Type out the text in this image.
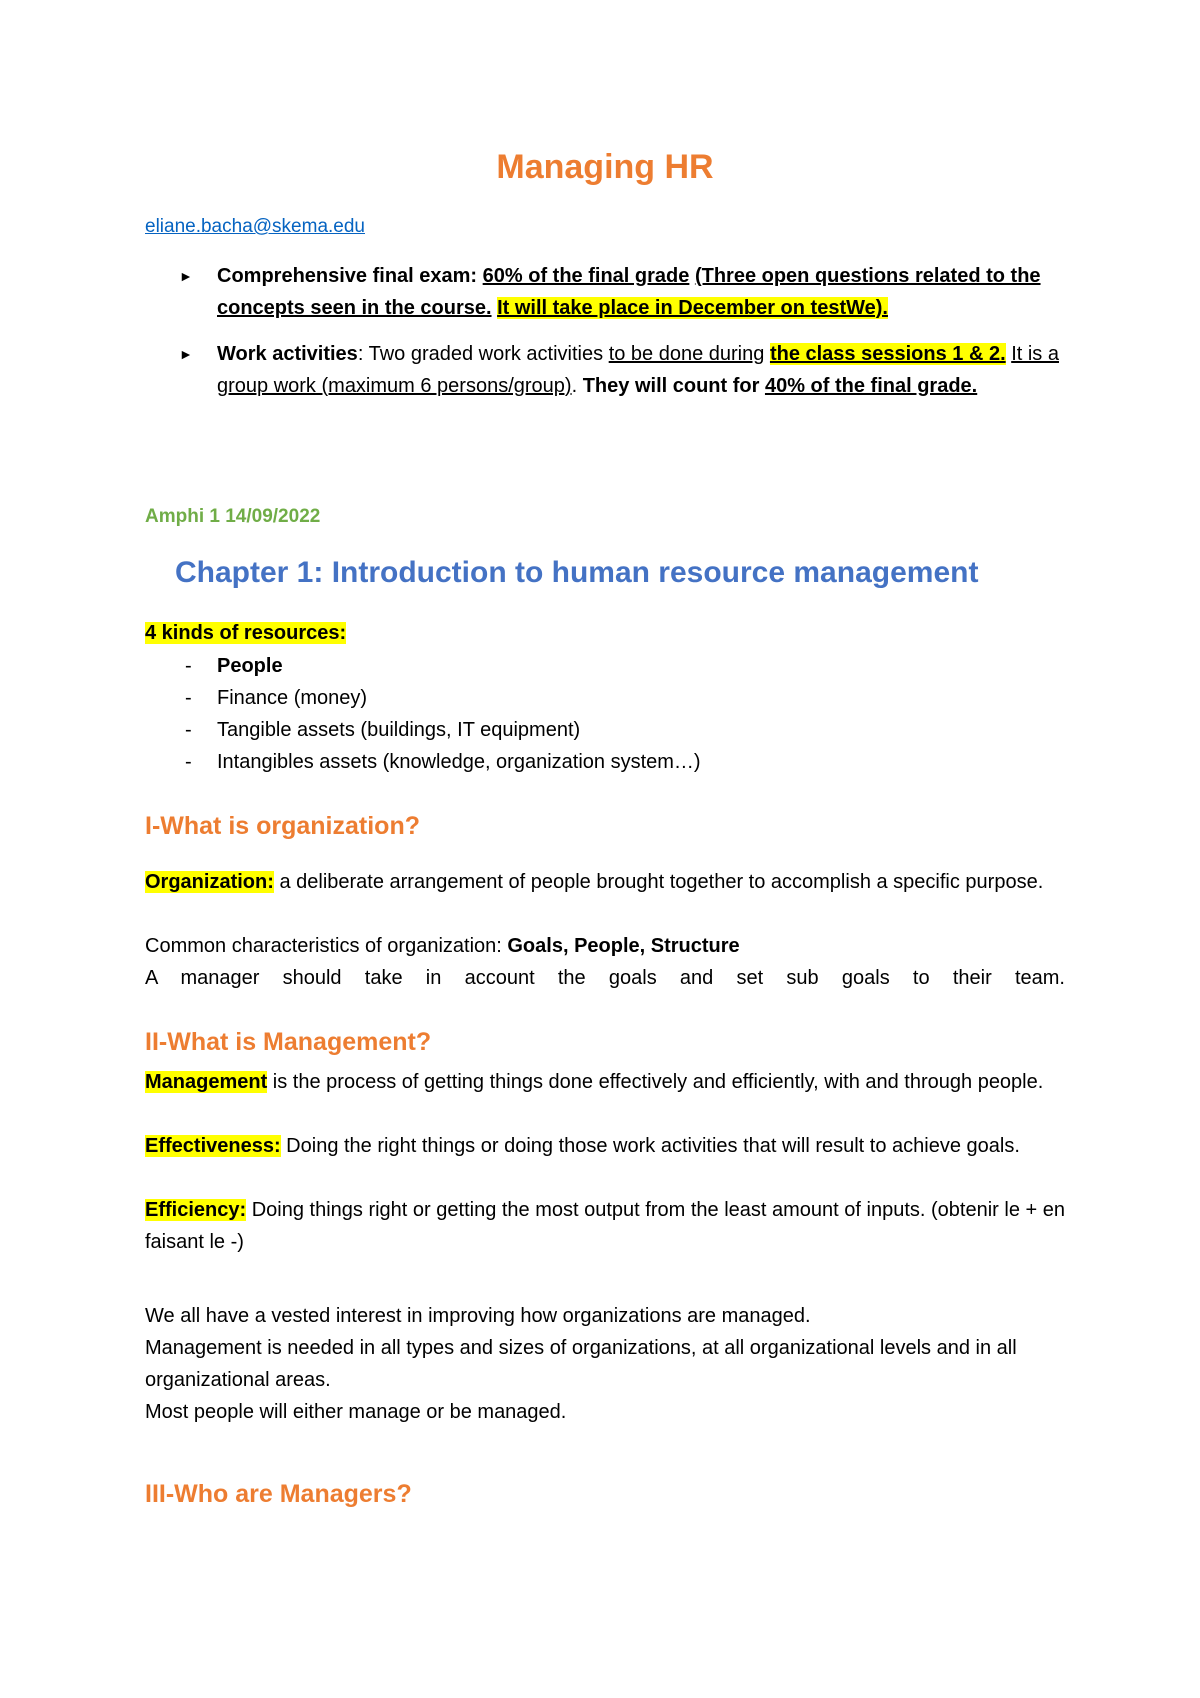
Managing HR
eliane.bacha@skema.edu
► Comprehensive final exam: 60% of the final grade (Three open questions related to the concepts seen in the course. It will take place in December on testWe).
► Work activities: Two graded work activities to be done during the class sessions 1 & 2. It is a group work (maximum 6 persons/group). They will count for 40% of the final grade.
Amphi 1 14/09/2022
Chapter 1: Introduction to human resource management
4 kinds of resources:
- People
- Finance (money)
- Tangible assets (buildings, IT equipment)
- Intangibles assets (knowledge, organization system…)
I-What is organization?

Organization: a deliberate arrangement of people brought together to accomplish a specific purpose.

Common characteristics of organization: Goals, People, Structure

A manager should take in account the goals and set sub goals to their team.

II-What is Management?

Management is the process of getting things done effectively and efficiently, with and through people.

Effectiveness: Doing the right things or doing those work activities that will result to achieve goals.

Efficiency: Doing things right or getting the most output from the least amount of inputs. (obtenir le + en faisant le -)

We all have a vested interest in improving how organizations are managed.

Management is needed in all types and sizes of organizations, at all organizational levels and in all organizational areas.

Most people will either manage or be managed.

III-Who are Managers?
